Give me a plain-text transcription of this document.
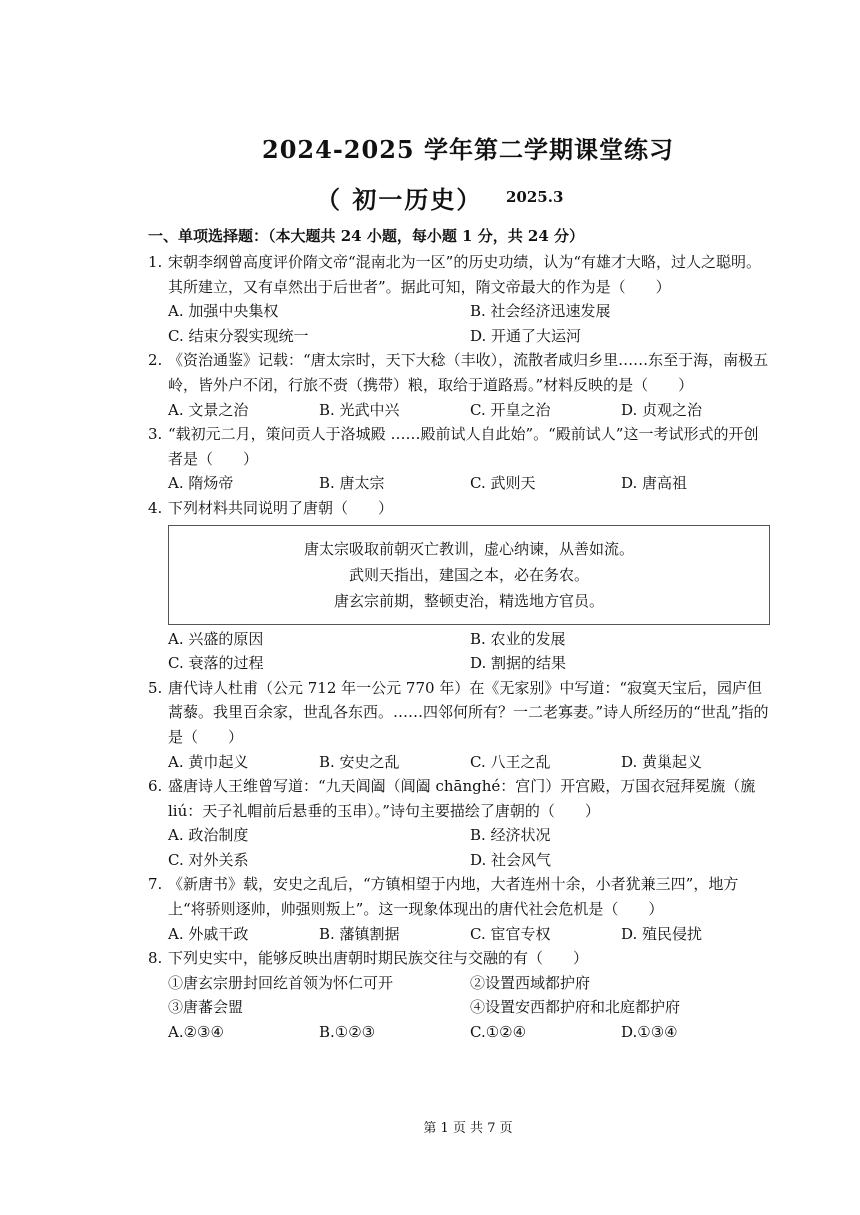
2024-2025 学年第二学期课堂练习
（ 初一历史） 2025.3
一、单项选择题：（本大题共 24 小题，每小题 1 分，共 24 分）
1. 宋朝李纲曾高度评价隋文帝“混南北为一区”的历史功绩，认为“有雄才大略，过人之聪明。其所建立，又有卓然出于后世者”。据此可知，隋文帝最大的作为是（　　）
A. 加强中央集权	B. 社会经济迅速发展
C. 结束分裂实现统一	D. 开通了大运河
2. 《资治通鉴》记载：“唐太宗时，天下大稔（丰收），流散者咸归乡里……东至于海，南极五岭，皆外户不闭，行旅不赍（携带）粮，取给于道路焉。”材料反映的是（　　）
A. 文景之治	B. 光武中兴	C. 开皇之治	D. 贞观之治
3. “载初元二月，策问贡人于洛城殿 ……殿前试人自此始”。“殿前试人”这一考试形式的开创者是（　　）
A. 隋炀帝	B. 唐太宗	C. 武则天	D. 唐高祖
4. 下列材料共同说明了唐朝（　　）
唐太宗吸取前朝灭亡教训，虚心纳谏，从善如流。
武则天指出，建国之本，必在务农。
唐玄宗前期，整顿吏治，精选地方官员。
A. 兴盛的原因	B. 农业的发展
C. 衰落的过程	D. 割据的结果
5. 唐代诗人杜甫（公元 712 年一公元 770 年）在《无家别》中写道：“寂寞天宝后，园庐但蒿藜。我里百余家，世乱各东西。……四邻何所有？一二老寡妻。”诗人所经历的“世乱”指的是（　　）
A. 黄巾起义	B. 安史之乱	C. 八王之乱	D. 黄巢起义
6. 盛唐诗人王维曾写道：“九天阊阖（阊阖 chānghé：宫门）开宫殿，万国衣冠拜冕旒（旒 liú：天子礼帽前后悬垂的玉串）。”诗句主要描绘了唐朝的（　　）
A. 政治制度	B. 经济状况
C. 对外关系	D. 社会风气
7. 《新唐书》载，安史之乱后，“方镇相望于内地，大者连州十余，小者犹兼三四”，地方上“将骄则逐帅，帅强则叛上”。这一现象体现出的唐代社会危机是（　　）
A. 外戚干政	B. 藩镇割据	C. 宦官专权	D. 殖民侵扰
8. 下列史实中，能够反映出唐朝时期民族交往与交融的有（　　）
①唐玄宗册封回纥首领为怀仁可开	②设置西域都护府
③唐蕃会盟	④设置安西都护府和北庭都护府
A.②③④	B.①②③	C.①②④	D.①③④
第 1 页 共 7 页
